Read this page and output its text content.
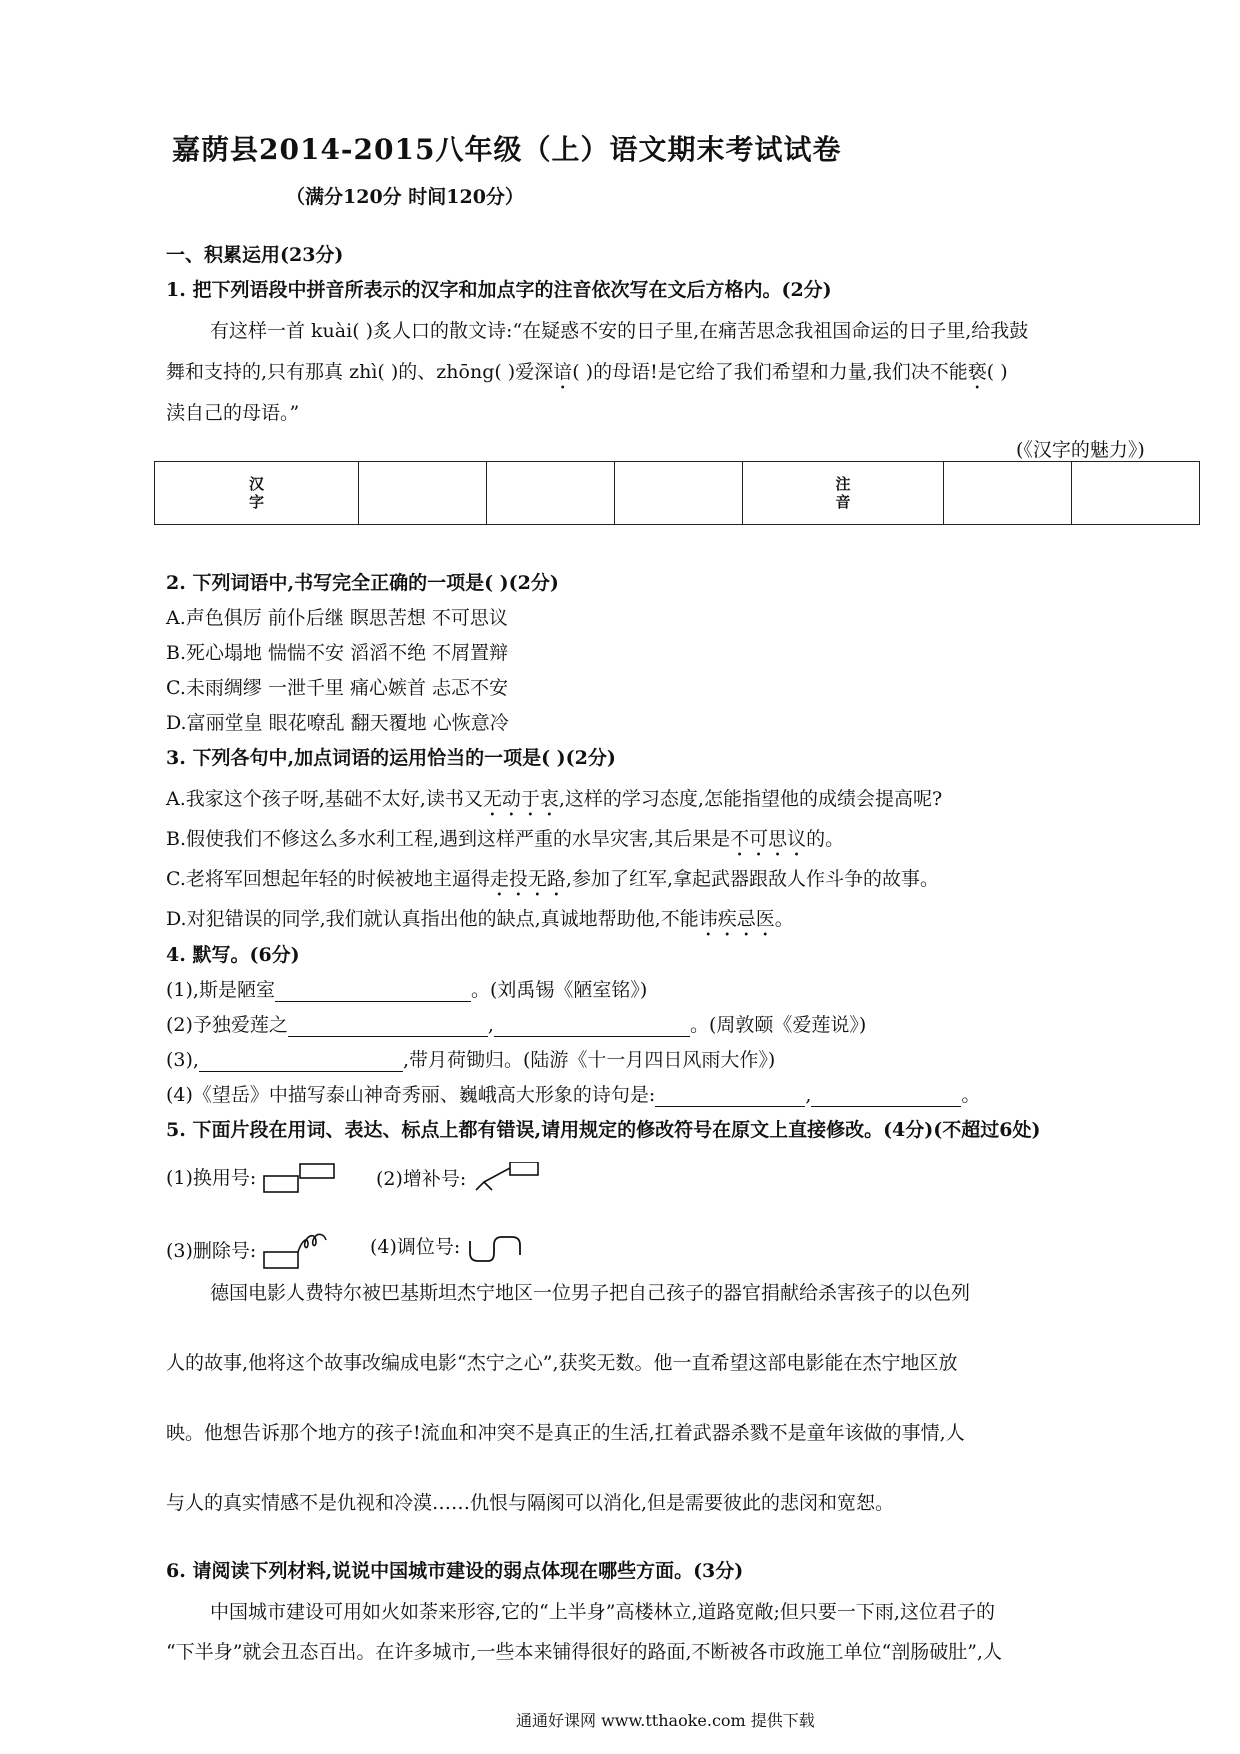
嘉荫县2014-2015八年级（上）语文期末考试试卷
（满分120分 时间120分）
一、积累运用(23分)
1. 把下列语段中拼音所表示的汉字和加点字的注音依次写在文后方格内。(2分)
有这样一首 kuài( )炙人口的散文诗:“在疑惑不安的日子里,在痛苦思念我祖国命运的日子里,给我鼓
舞和支持的,只有那真 zhì( )的、zhōng( )爱深谙( )的母语!是它给了我们希望和力量,我们决不能亵( )
渎自己的母语。”
(《汉字的魅力》)
汉字				注音		
2. 下列词语中,书写完全正确的一项是( )(2分)
A.声色俱厉 前仆后继 瞑思苦想 不可思议
B.死心塌地 惴惴不安 滔滔不绝 不屑置辩
C.未雨绸缪 一泄千里 痛心嫉首 忐忑不安
D.富丽堂皇 眼花嘹乱 翻天覆地 心恢意冷
3. 下列各句中,加点词语的运用恰当的一项是( )(2分)
A.我家这个孩子呀,基础不太好,读书又无动于衷,这样的学习态度,怎能指望他的成绩会提高呢?
B.假使我们不修这么多水利工程,遇到这样严重的水旱灾害,其后果是不可思议的。
C.老将军回想起年轻的时候被地主逼得走投无路,参加了红军,拿起武器跟敌人作斗争的故事。
D.对犯错误的同学,我们就认真指出他的缺点,真诚地帮助他,不能讳疾忌医。
4. 默写。(6分)
(1),斯是陋室	。(刘禹锡《陋室铭》)
(2)予独爱莲之	,	。(周敦颐《爱莲说》)
(3),	,带月荷锄归。(陆游《十一月四日风雨大作》)
(4)《望岳》中描写泰山神奇秀丽、巍峨高大形象的诗句是:	,	。
5. 下面片段在用词、表达、标点上都有错误,请用规定的修改符号在原文上直接修改。(4分)(不超过6处)
(1)换用号:	(2)增补号:
(3)删除号:	(4)调位号:
德国电影人费特尔被巴基斯坦杰宁地区一位男子把自己孩子的器官捐献给杀害孩子的以色列
人的故事,他将这个故事改编成电影“杰宁之心”,获奖无数。他一直希望这部电影能在杰宁地区放
映。他想告诉那个地方的孩子!流血和冲突不是真正的生活,扛着武器杀戮不是童年该做的事情,人
与人的真实情感不是仇视和冷漠……仇恨与隔阂可以消化,但是需要彼此的悲闵和宽恕。
6. 请阅读下列材料,说说中国城市建设的弱点体现在哪些方面。(3分)
中国城市建设可用如火如荼来形容,它的“上半身”高楼林立,道路宽敞;但只要一下雨,这位君子的
“下半身”就会丑态百出。在许多城市,一些本来铺得很好的路面,不断被各市政施工单位“剖肠破肚”,人
通通好课网 www.tthaoke.com 提供下载
